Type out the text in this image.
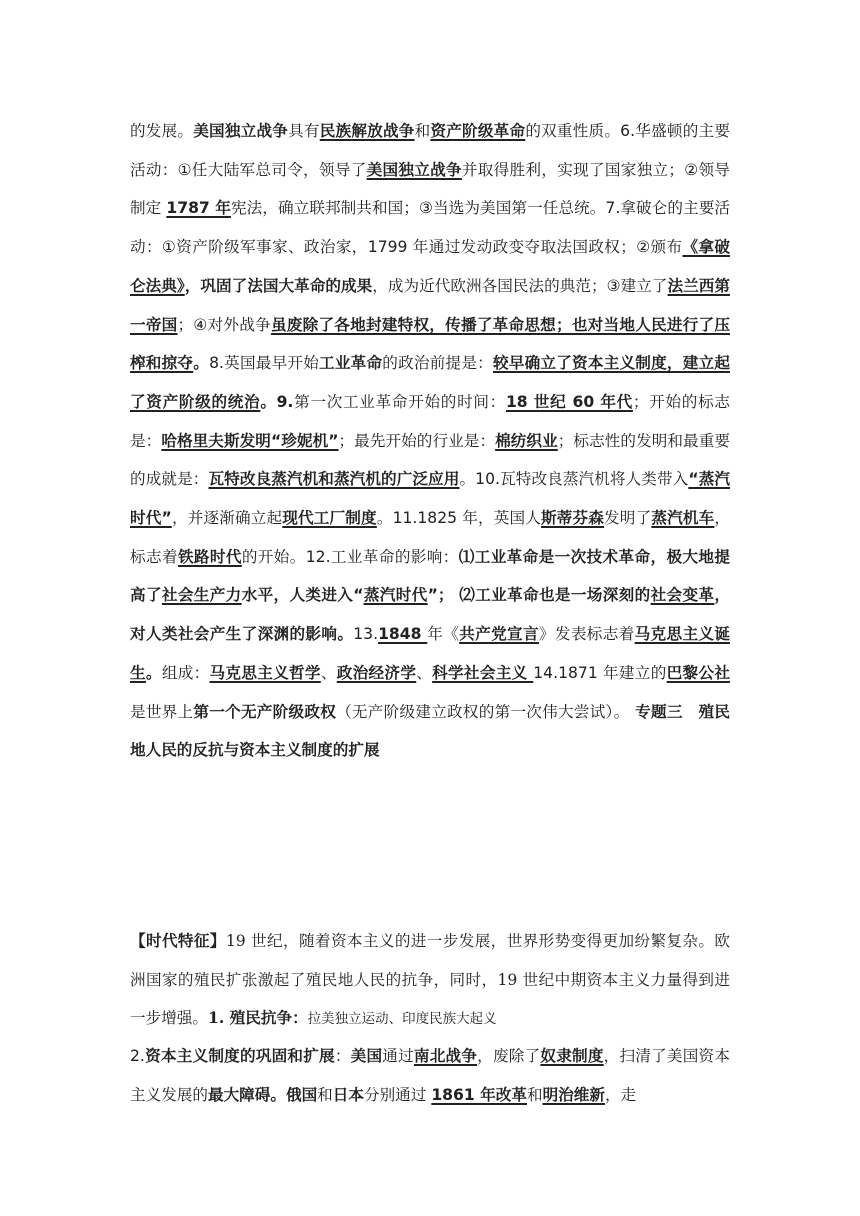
的发展。美国独立战争具有民族解放战争和资产阶级革命的双重性质。6.华盛顿的主要活动：①任大陆军总司令，领导了美国独立战争并取得胜利，实现了国家独立；②领导制定 1787 年宪法，确立联邦制共和国；③当选为美国第一任总统。7.拿破仑的主要活动：①资产阶级军事家、政治家，1799 年通过发动政变夺取法国政权；②颁布《拿破仑法典》，巩固了法国大革命的成果，成为近代欧洲各国民法的典范；③建立了法兰西第一帝国；④对外战争虽废除了各地封建特权，传播了革命思想；也对当地人民进行了压榨和掠夺。8.英国最早开始工业革命的政治前提是：较早确立了资本主义制度，建立起了资产阶级的统治。9.第一次工业革命开始的时间：18 世纪 60 年代；开始的标志是：哈格里夫斯发明“珍妮机”；最先开始的行业是：棉纺织业；标志性的发明和最重要的成就是：瓦特改良蒸汽机和蒸汽机的广泛应用。10.瓦特改良蒸汽机将人类带入“蒸汽时代”，并逐渐确立起现代工厂制度。11.1825 年，英国人斯蒂芬森发明了蒸汽机车，标志着铁路时代的开始。12.工业革命的影响：⑴工业革命是一次技术革命，极大地提高了社会生产力水平，人类进入“蒸汽时代”； ⑵工业革命也是一场深刻的社会变革，对人类社会产生了深渊的影响。13.1848 年《共产党宣言》发表标志着马克思主义诞生。组成：马克思主义哲学、政治经济学、科学社会主义 14.1871 年建立的巴黎公社是世界上第一个无产阶级政权（无产阶级建立政权的第一次伟大尝试）。 专题三　殖民地人民的反抗与资本主义制度的扩展

【时代特征】19 世纪，随着资本主义的进一步发展，世界形势变得更加纷繁复杂。欧洲国家的殖民扩张激起了殖民地人民的抗争，同时，19 世纪中期资本主义力量得到进一步增强。1. 殖民抗争：拉美独立运动、印度民族大起义

2.资本主义制度的巩固和扩展：美国通过南北战争，废除了奴隶制度，扫清了美国资本主义发展的最大障碍。俄国和日本分别通过 1861 年改革和明治维新，走
